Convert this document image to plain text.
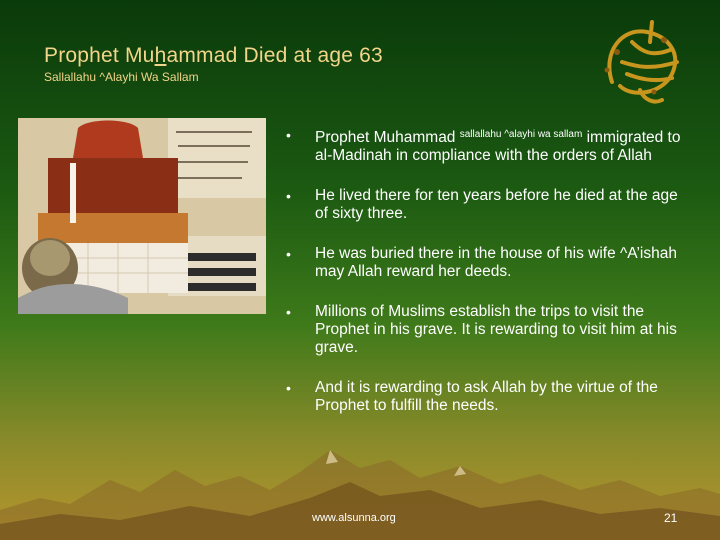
Prophet Muhammad Died at age 63
Sallallahu ^Alayhi Wa Sallam
• Prophet Muhammad $^{sallallahu \^{}alayhi wa sallam}$ immigrated to al-Madinah in compliance with the orders of Allah
• He lived there for ten years before he died at the age of sixty three.
• He was buried there in the house of his wife ^A’ishah may Allah reward her deeds.
• Millions of Muslims establish the trips to visit the Prophet in his grave. It is rewarding to visit him at his grave.
• And it is rewarding to ask Allah by the virtue of the Prophet to fulfill the needs.
www.alsunna.org	21
